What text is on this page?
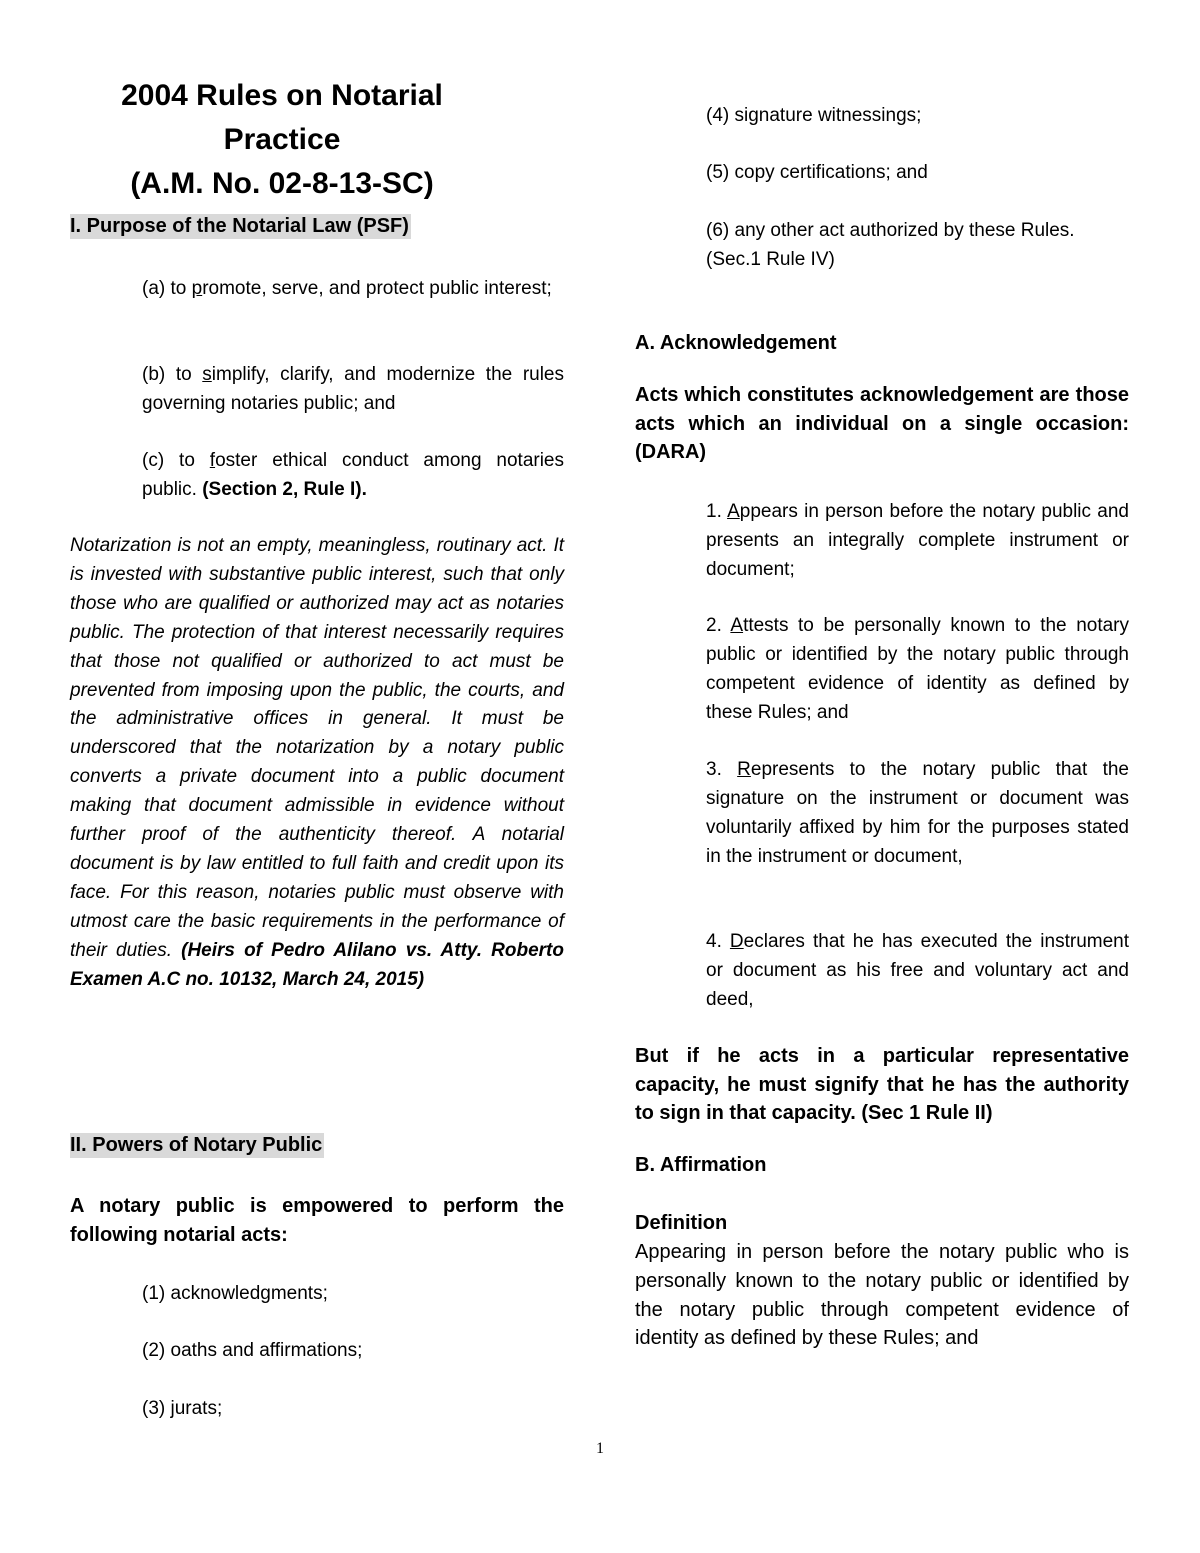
2004 Rules on Notarial Practice
(A.M. No. 02-8-13-SC)
I. Purpose of the Notarial Law (PSF)

(a) to promote, serve, and protect public interest;

(b) to simplify, clarify, and modernize the rules governing notaries public; and

(c) to foster ethical conduct among notaries public. (Section 2, Rule I).

Notarization is not an empty, meaningless, routinary act. It is invested with substantive public interest, such that only those who are qualified or authorized may act as notaries public. The protection of that interest necessarily requires that those not qualified or authorized to act must be prevented from imposing upon the public, the courts, and the administrative offices in general. It must be underscored that the notarization by a notary public converts a private document into a public document making that document admissible in evidence without further proof of the authenticity thereof. A notarial document is by law entitled to full faith and credit upon its face. For this reason, notaries public must observe with utmost care the basic requirements in the performance of their duties. (Heirs of Pedro Alilano vs. Atty. Roberto Examen A.C no. 10132, March 24, 2015)

II. Powers of Notary Public

A notary public is empowered to perform the following notarial acts:

(1) acknowledgments;

(2) oaths and affirmations;

(3) jurats;

(4) signature witnessings;

(5) copy certifications; and

(6) any other act authorized by these Rules. (Sec.1 Rule IV)

A. Acknowledgement

Acts which constitutes acknowledgement are those acts which an individual on a single occasion: (DARA)

1. Appears in person before the notary public and presents an integrally complete instrument or document;

2. Attests to be personally known to the notary public or identified by the notary public through competent evidence of identity as defined by these Rules; and

3. Represents to the notary public that the signature on the instrument or document was voluntarily affixed by him for the purposes stated in the instrument or document,

4. Declares that he has executed the instrument or document as his free and voluntary act and deed,

But if he acts in a particular representative capacity, he must signify that he has the authority to sign in that capacity. (Sec 1 Rule II)

B. Affirmation

Definition

Appearing in person before the notary public who is personally known to the notary public or identified by the notary public through competent evidence of identity as defined by these Rules; and

1
